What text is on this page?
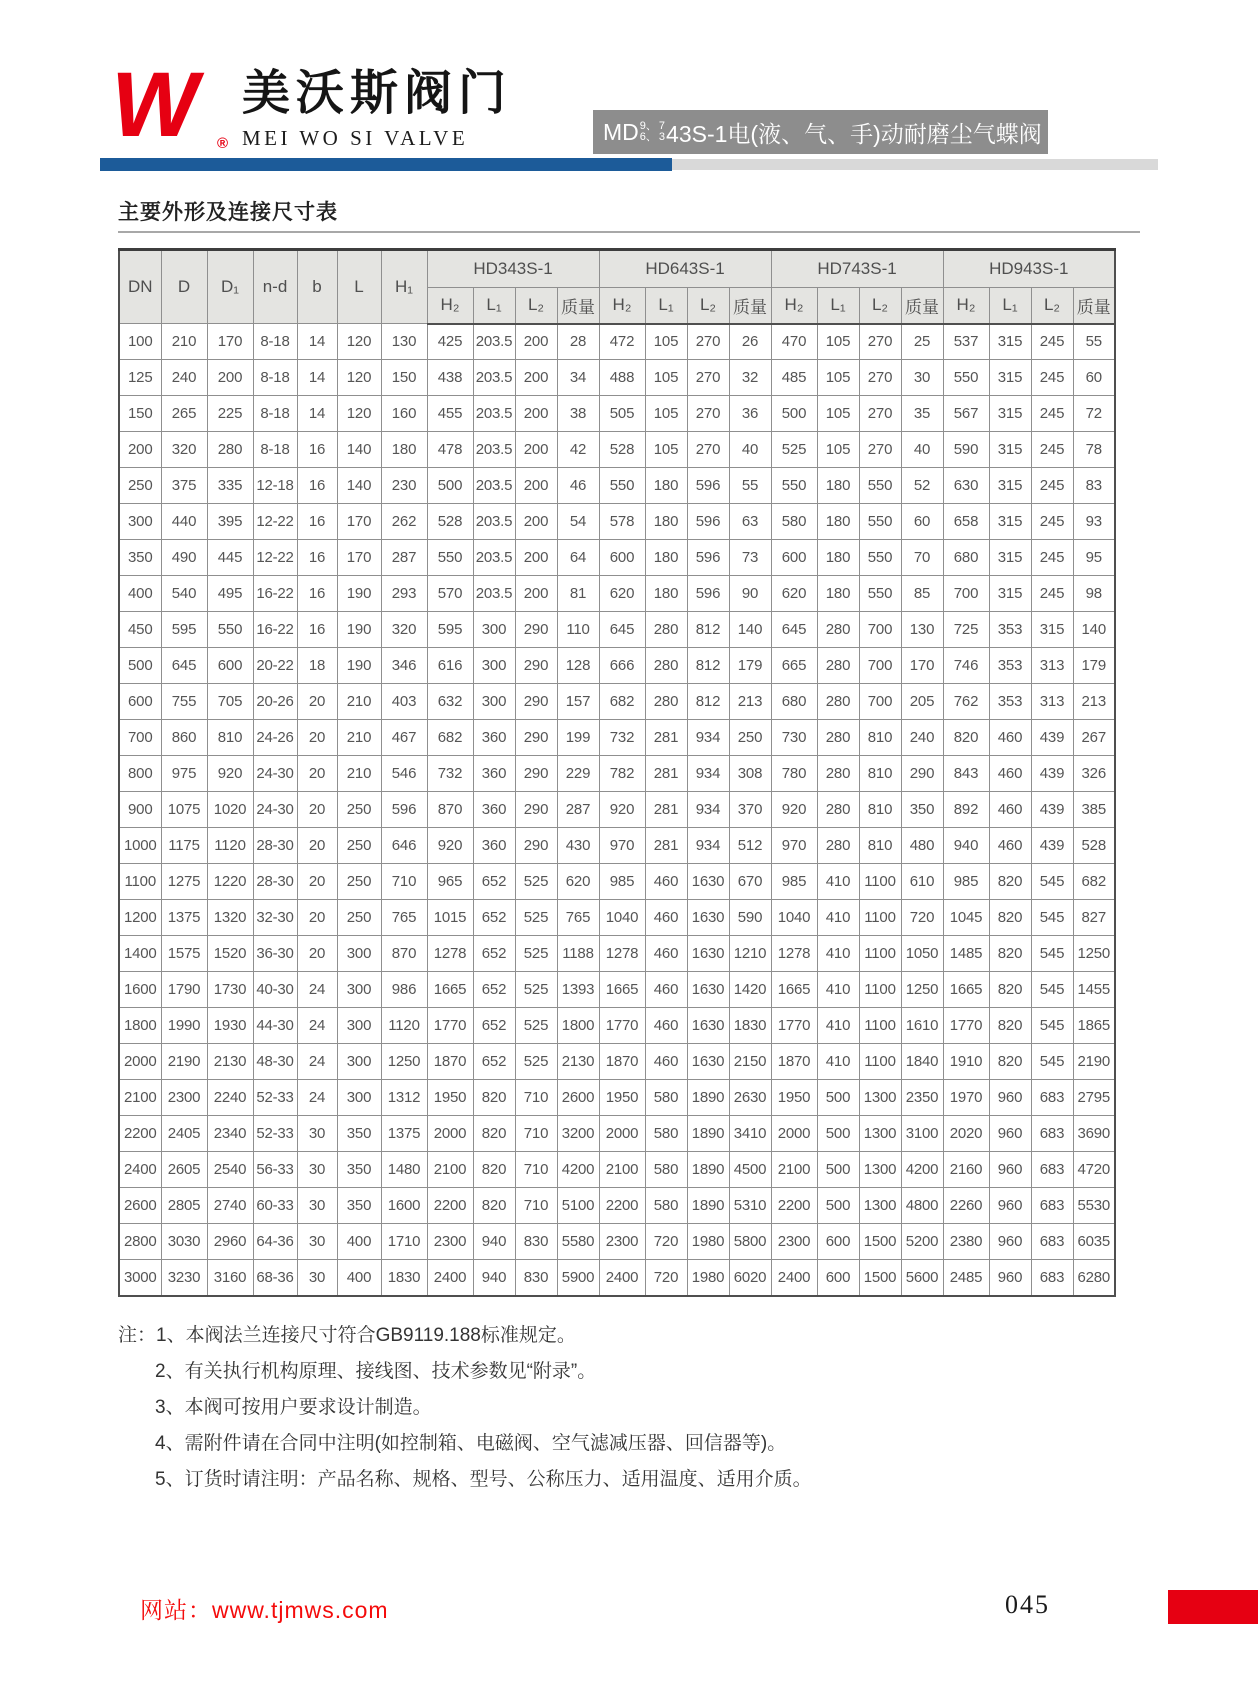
W	®
美沃斯阀门
MEI WO SI VALVE	MD 9、
6、
7
3 43S-1电(液、气、手)动耐磨尘气蝶阀
主要外形及连接尺寸表
DN	D	D₁	n-d	b	L	H₁	HD343S-1				HD643S-1				HD743S-1				HD943S-1			
							H₂	L₁	L₂	质量	H₂	L₁	L₂	质量	H₂	L₁	L₂	质量	H₂	L₁	L₂	质量
100	210	170	8-18	14	120	130	425	203.5	200	28	472	105	270	26	470	105	270	25	537	315	245	55
125	240	200	8-18	14	120	150	438	203.5	200	34	488	105	270	32	485	105	270	30	550	315	245	60
150	265	225	8-18	14	120	160	455	203.5	200	38	505	105	270	36	500	105	270	35	567	315	245	72
200	320	280	8-18	16	140	180	478	203.5	200	42	528	105	270	40	525	105	270	40	590	315	245	78
250	375	335	12-18	16	140	230	500	203.5	200	46	550	180	596	55	550	180	550	52	630	315	245	83
300	440	395	12-22	16	170	262	528	203.5	200	54	578	180	596	63	580	180	550	60	658	315	245	93
350	490	445	12-22	16	170	287	550	203.5	200	64	600	180	596	73	600	180	550	70	680	315	245	95
400	540	495	16-22	16	190	293	570	203.5	200	81	620	180	596	90	620	180	550	85	700	315	245	98
450	595	550	16-22	16	190	320	595	300	290	110	645	280	812	140	645	280	700	130	725	353	315	140
500	645	600	20-22	18	190	346	616	300	290	128	666	280	812	179	665	280	700	170	746	353	313	179
600	755	705	20-26	20	210	403	632	300	290	157	682	280	812	213	680	280	700	205	762	353	313	213
700	860	810	24-26	20	210	467	682	360	290	199	732	281	934	250	730	280	810	240	820	460	439	267
800	975	920	24-30	20	210	546	732	360	290	229	782	281	934	308	780	280	810	290	843	460	439	326
900	1075	1020	24-30	20	250	596	870	360	290	287	920	281	934	370	920	280	810	350	892	460	439	385
1000	1175	1120	28-30	20	250	646	920	360	290	430	970	281	934	512	970	280	810	480	940	460	439	528
1100	1275	1220	28-30	20	250	710	965	652	525	620	985	460	1630	670	985	410	1100	610	985	820	545	682
1200	1375	1320	32-30	20	250	765	1015	652	525	765	1040	460	1630	590	1040	410	1100	720	1045	820	545	827
1400	1575	1520	36-30	20	300	870	1278	652	525	1188	1278	460	1630	1210	1278	410	1100	1050	1485	820	545	1250
1600	1790	1730	40-30	24	300	986	1665	652	525	1393	1665	460	1630	1420	1665	410	1100	1250	1665	820	545	1455
1800	1990	1930	44-30	24	300	1120	1770	652	525	1800	1770	460	1630	1830	1770	410	1100	1610	1770	820	545	1865
2000	2190	2130	48-30	24	300	1250	1870	652	525	2130	1870	460	1630	2150	1870	410	1100	1840	1910	820	545	2190
2100	2300	2240	52-33	24	300	1312	1950	820	710	2600	1950	580	1890	2630	1950	500	1300	2350	1970	960	683	2795
2200	2405	2340	52-33	30	350	1375	2000	820	710	3200	2000	580	1890	3410	2000	500	1300	3100	2020	960	683	3690
2400	2605	2540	56-33	30	350	1480	2100	820	710	4200	2100	580	1890	4500	2100	500	1300	4200	2160	960	683	4720
2600	2805	2740	60-33	30	350	1600	2200	820	710	5100	2200	580	1890	5310	2200	500	1300	4800	2260	960	683	5530
2800	3030	2960	64-36	30	400	1710	2300	940	830	5580	2300	720	1980	5800	2300	600	1500	5200	2380	960	683	6035
3000	3230	3160	68-36	30	400	1830	2400	940	830	5900	2400	720	1980	6020	2400	600	1500	5600	2485	960	683	6280
注：1、本阀法兰连接尺寸符合GB9119.188标准规定。
2、有关执行机构原理、接线图、技术参数见“附录”。
3、本阀可按用户要求设计制造。
4、需附件请在合同中注明(如控制箱、电磁阀、空气滤减压器、回信器等)。
5、订货时请注明：产品名称、规格、型号、公称压力、适用温度、适用介质。
网站：www.tjmws.com	045
